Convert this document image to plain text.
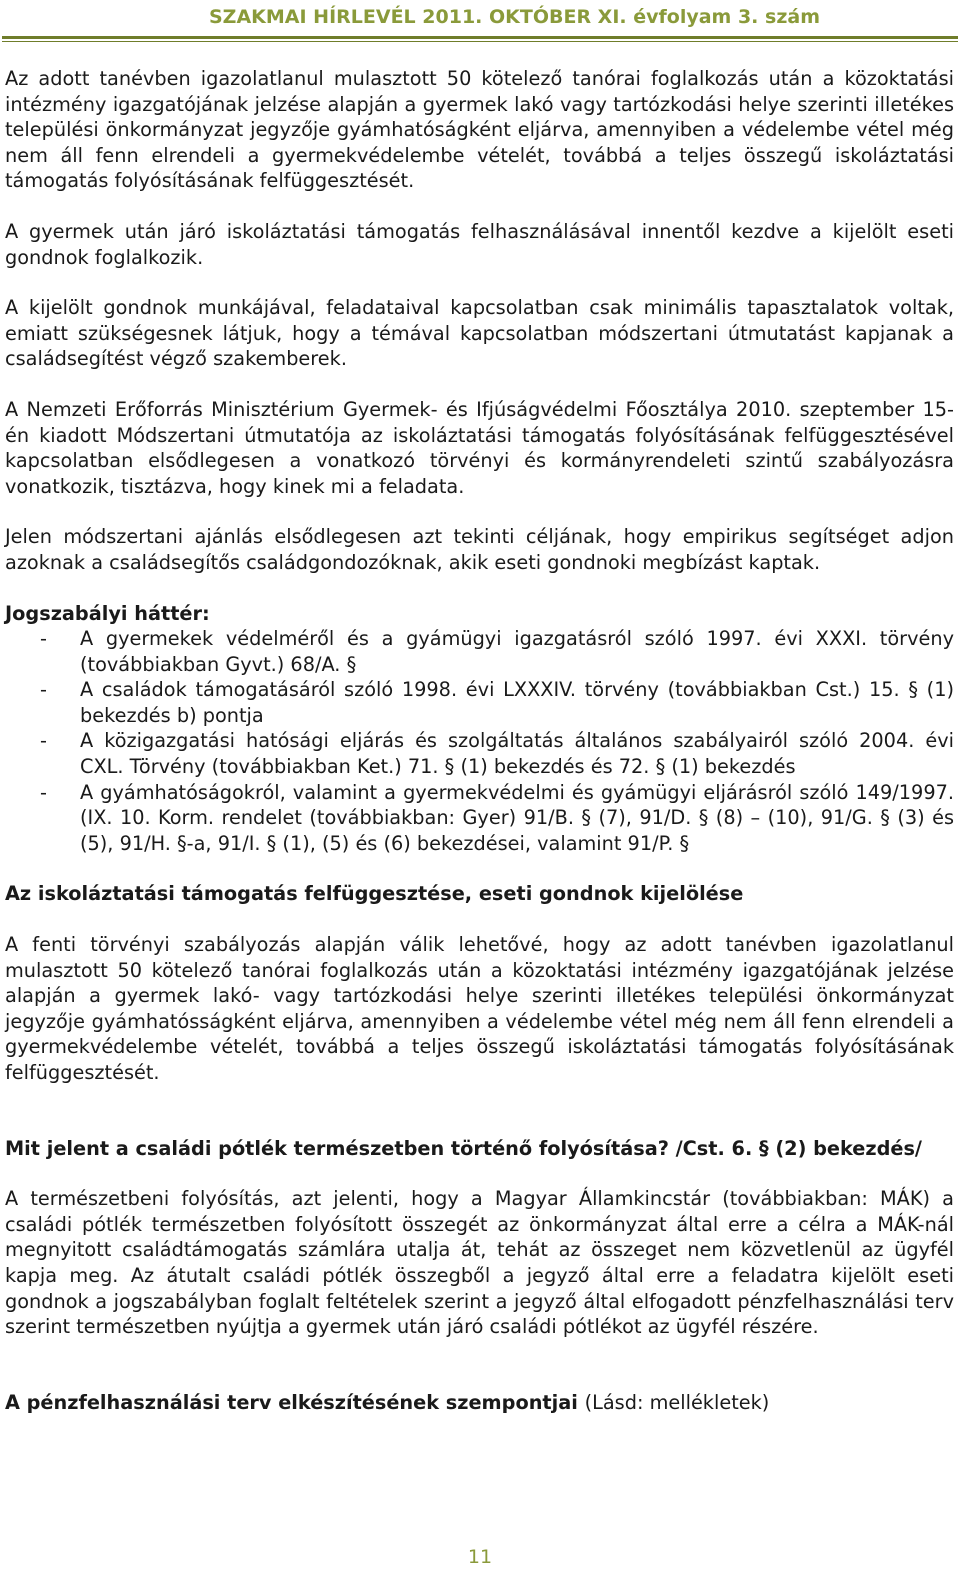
SZAKMAI HÍRLEVÉL 2011. OKTÓBER XI. évfolyam 3. szám

Az adott tanévben igazolatlanul mulasztott 50 kötelező tanórai foglalkozás után a közoktatási intézmény igazgatójának jelzése alapján a gyermek lakó vagy tartózkodási helye szerinti illetékes települési önkormányzat jegyzője gyámhatóságként eljárva, amennyiben a védelembe vétel még nem áll fenn elrendeli a gyermekvédelembe vételét, továbbá a teljes összegű iskoláztatási támogatás folyósításának felfüggesztését.

A gyermek után járó iskoláztatási támogatás felhasználásával innentől kezdve a kijelölt eseti gondnok foglalkozik.

A kijelölt gondnok munkájával, feladataival kapcsolatban csak minimális tapasztalatok voltak, emiatt szükségesnek látjuk, hogy a témával kapcsolatban módszertani útmutatást kapjanak a családsegítést végző szakemberek.

A Nemzeti Erőforrás Minisztérium Gyermek- és Ifjúságvédelmi Főosztálya 2010. szeptember 15-én kiadott Módszertani útmutatója az iskoláztatási támogatás folyósításának felfüggesztésével kapcsolatban elsődlegesen a vonatkozó törvényi és kormányrendeleti szintű szabályozásra vonatkozik, tisztázva, hogy kinek mi a feladata.

Jelen módszertani ajánlás elsődlegesen azt tekinti céljának, hogy empirikus segítséget adjon azoknak a családsegítős családgondozóknak, akik eseti gondnoki megbízást kaptak.

Jogszabályi háttér:
- A gyermekek védelméről és a gyámügyi igazgatásról szóló 1997. évi XXXI. törvény (továbbiakban Gyvt.) 68/A. §
- A családok támogatásáról szóló 1998. évi LXXXIV. törvény (továbbiakban Cst.) 15. § (1) bekezdés b) pontja
- A közigazgatási hatósági eljárás és szolgáltatás általános szabályairól szóló 2004. évi CXL. Törvény (továbbiakban Ket.) 71. § (1) bekezdés és 72. § (1) bekezdés
- A gyámhatóságokról, valamint a gyermekvédelmi és gyámügyi eljárásról szóló 149/1997. (IX. 10. Korm. rendelet (továbbiakban: Gyer) 91/B. § (7), 91/D. § (8) – (10), 91/G. § (3) és (5), 91/H. §-a, 91/I. § (1), (5) és (6) bekezdései, valamint 91/P. §
Az iskoláztatási támogatás felfüggesztése, eseti gondnok kijelölése

A fenti törvényi szabályozás alapján válik lehetővé, hogy az adott tanévben igazolatlanul mulasztott 50 kötelező tanórai foglalkozás után a közoktatási intézmény igazgatójának jelzése alapján a gyermek lakó- vagy tartózkodási helye szerinti illetékes települési önkormányzat jegyzője gyámhatósságként eljárva, amennyiben a védelembe vétel még nem áll fenn elrendeli a gyermekvédelembe vételét, továbbá a teljes összegű iskoláztatási támogatás folyósításának felfüggesztését.

Mit jelent a családi pótlék természetben történő folyósítása? /Cst. 6. § (2) bekezdés/

A természetbeni folyósítás, azt jelenti, hogy a Magyar Államkincstár (továbbiakban: MÁK) a családi pótlék természetben folyósított összegét az önkormányzat által erre a célra a MÁK-nál megnyitott családtámogatás számlára utalja át, tehát az összeget nem közvetlenül az ügyfél kapja meg. Az átutalt családi pótlék összegből a jegyző által erre a feladatra kijelölt eseti gondnok a jogszabályban foglalt feltételek szerint a jegyző által elfogadott pénzfelhasználási terv szerint természetben nyújtja a gyermek után járó családi pótlékot az ügyfél részére.

A pénzfelhasználási terv elkészítésének szempontjai (Lásd: mellékletek)
11
